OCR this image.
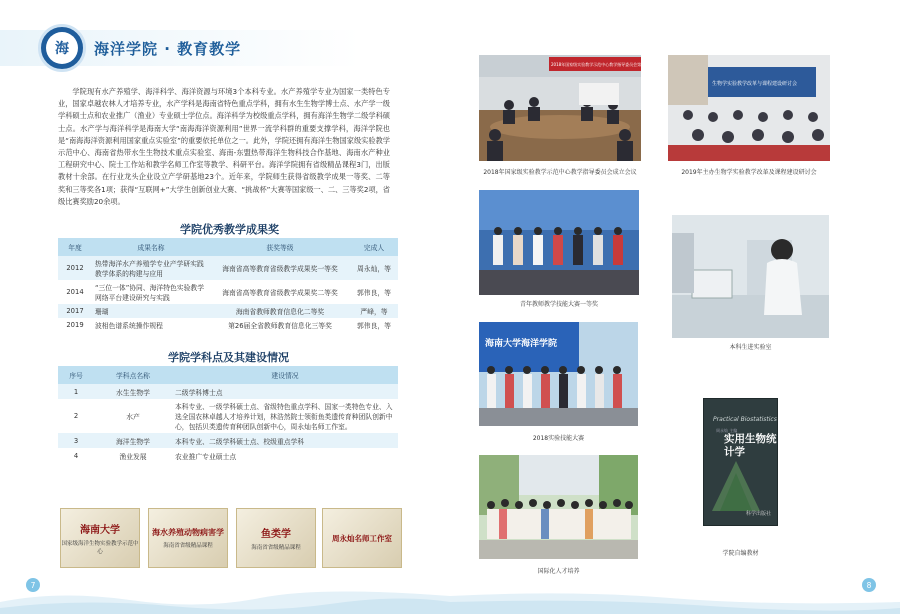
海	海洋学院 · 教育教学

学院现有水产养殖学、海洋科学、海洋资源与环境3个本科专业。水产养殖学专业为国家一类特色专业，国家卓越农林人才培养专业，水产学科是海南省特色重点学科，拥有水生生物学博士点、水产学一级学科硕士点和农业推广（渔业）专业硕士学位点。海洋科学为校级重点学科，拥有海洋生物学二级学科硕士点。水产学与海洋科学是海南大学“南海海洋资源利用”世界一流学科群的重要支撑学科，海洋学院也是“南海海洋资源利用国家重点实验室”的重要依托单位之一。此外，学院还拥有海洋生物国家级实验教学示范中心、海南省热带水生生物技术重点实验室、海南-东盟热带海洋生物科技合作基地、海南水产种业工程研究中心、院士工作站和教学名师工作室等教学、科研平台。海洋学院拥有省级精品课程3门，出版教材十余部。在行业龙头企业设立产学研基地23个。近年来，学院师生获得省级教学成果一等奖、二等奖和三等奖各1项；获得“互联网+”大学生创新创业大赛、“挑战杯”大赛等国家级一、二、三等奖2项，省级比赛奖励20余项。

学院优秀教学成果奖
年度	成果名称	获奖等级	完成人
2012	热带海洋水产养殖学专业产学研实践教学体系的构建与应用	海南省高等教育省级教学成果奖一等奖	周永灿，等
2014	“三位一体”协同、海洋特色实验教学网络平台建设研究与实践	海南省高等教育省级教学成果奖二等奖	郭伟良，等
2017	珊瑚	海南省教师教育信息化二等奖	严峰，等
2019	波相色谱系统操作规程	第26届全省教师教育信息化三等奖	郭伟良，等
学院学科点及其建设情况
序号	学科点名称	建设情况
1	水生生物学	二级学科博士点
2	水产	本科专业、一级学科硕士点、省级特色重点学科、国家一类特色专业、入选全国农林卓越人才培养计划，林浩然院士领衔鱼类遗传育种团队创新中心，包括贝类遗传育种团队创新中心，周永灿名师工作室。
3	海洋生物学	本科专业、二级学科硕士点、校级重点学科
4	渔业发展	农业推广专业硕士点
海南大学
国家级海洋生物实验教学示范中心
海水养殖动物病害学
海南省省级精品课程
鱼类学
海南省省级精品课程
周永灿名师工作室
7	8
2018年国家级实验教学示范中心教学指导委员会第一届一次会议
2018年国家级实验教学示范中心教学指导委员会成立会议
生物学实验教学改革与课程建设研讨会
2019年主办生物学实验教学改革及课程建设研讨会
青年教师教学技能大赛一等奖
本科生进实验室
海南大学海洋学院
2018实验技能大赛
国际化人才培养
Practical Biostatistics
周永灿 主编
实用生物统计学
科学出版社
学院自编教材
